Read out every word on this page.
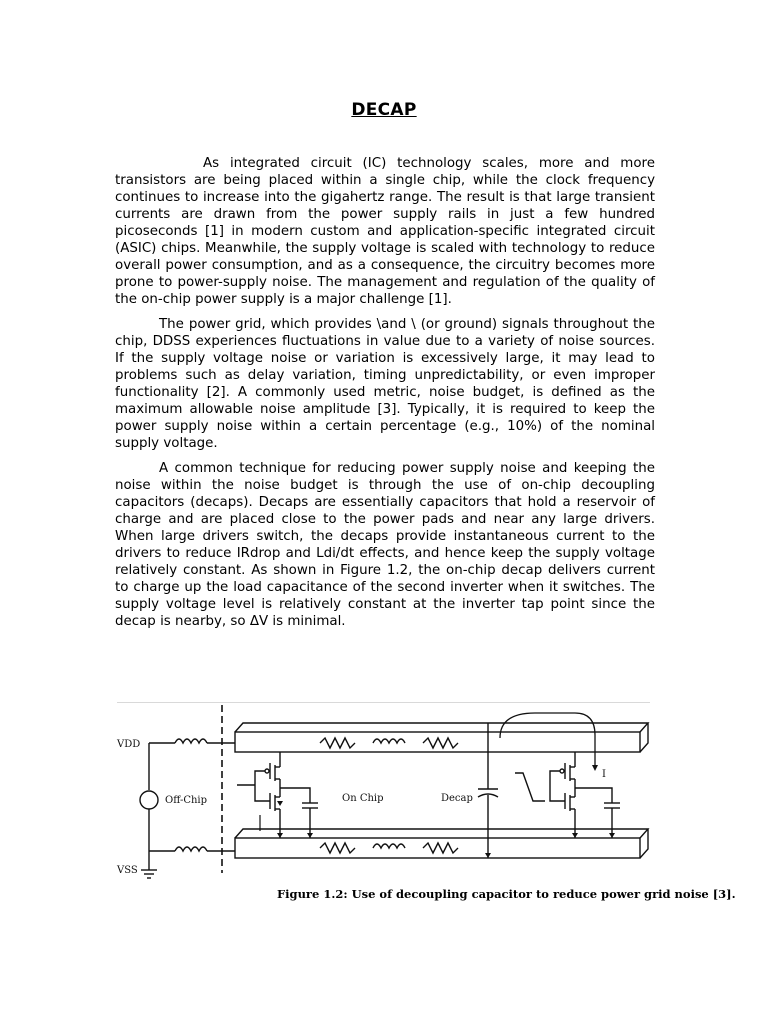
DECAP

As integrated circuit (IC) technology scales, more and more transistors are being placed within a single chip, while the clock frequency continues to increase into the gigahertz range. The result is that large transient currents are drawn from the power supply rails in just a few hundred picoseconds [1] in modern custom and application-specific integrated circuit (ASIC) chips. Meanwhile, the supply voltage is scaled with technology to reduce overall power consumption, and as a consequence, the circuitry becomes more prone to power-supply noise. The management and regulation of the quality of the on-chip power supply is a major challenge [1].

The power grid, which provides \and \ (or ground) signals throughout the chip, DDSS experiences fluctuations in value due to a variety of noise sources. If the supply voltage noise or variation is excessively large, it may lead to problems such as delay variation, timing unpredictability, or even improper functionality [2]. A commonly used metric, noise budget, is defined as the maximum allowable noise amplitude [3]. Typically, it is required to keep the power supply noise within a certain percentage (e.g., 10%) of the nominal supply voltage.

A common technique for reducing power supply noise and keeping the noise within the noise budget is through the use of on-chip decoupling capacitors (decaps). Decaps are essentially capacitors that hold a reservoir of charge and are placed close to the power pads and near any large drivers. When large drivers switch, the decaps provide instantaneous current to the drivers to reduce IRdrop and Ldi/dt effects, and hence keep the supply voltage relatively constant. As shown in Figure 1.2, the on-chip decap delivers current to charge up the load capacitance of the second inverter when it switches. The supply voltage level is relatively constant at the inverter tap point since the decap is nearby, so ΔV is minimal.

VDD
VSS
Off-Chip	On Chip	Decap
I
Figure 1.2: Use of decoupling capacitor to reduce power grid noise [3].
